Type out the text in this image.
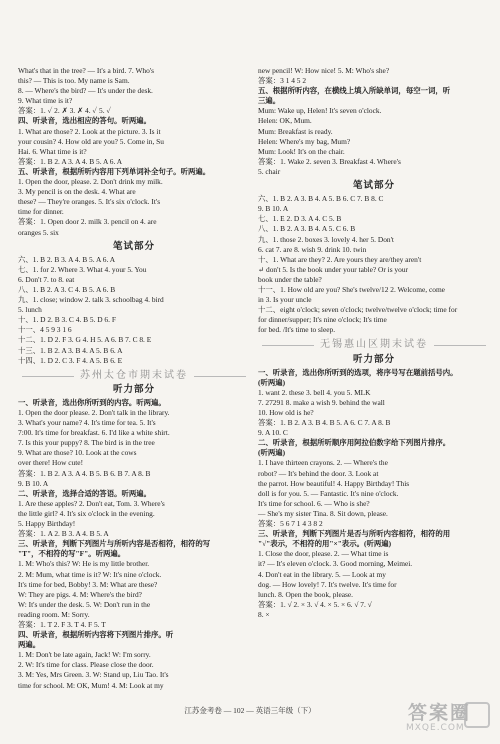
What's that in the tree? — It's a bird. 7. Who's

this? — This is too. My name is Sam.

8. — Where's the bird? — It's under the desk.

9. What time is it?

答案：1. ✓ 2. ✗ 3. ✗ 4. ✓ 5. ✓

四、听录音，选出相应的答句。听两遍。

1. What are those? 2. Look at the picture. 3. Is it

your cousin? 4. How old are you? 5. Come in, Su

Hai. 6. What time is it?

答案：1. B 2. A 3. A 4. B 5. A 6. A

五、听录音，根据所听内容用下列单词补全句子。听两遍。

1. Open the door, please. 2. Don't drink my milk.

3. My pencil is on the desk. 4. What are

these? — They're oranges. 5. It's six o'clock. It's

time for dinner.

答案：1. Open door 2. milk 3. pencil on 4. are

oranges 5. six

笔试部分

六、1. B 2. B 3. A 4. B 5. A 6. A

七、1. for 2. Where 3. What 4. your 5. You

6. Don't 7. to 8. eat

八、1. B 2. A 3. C 4. B 5. A 6. B

九、1. close; window 2. talk 3. schoolbag 4. bird

5. lunch

十、1. D 2. B 3. C 4. B 5. D 6. F

十一、4 5 9 3 1 6

十二、1. D 2. F 3. G 4. H 5. A 6. B 7. C 8. E

十三、1. B 2. A 3. B 4. A 5. B 6. A

十四、1. D 2. C 3. F 4. A 5. B 6. E

苏州太仓市期末试卷
听力部分

一、听录音，选出你所听到的内容。听两遍。

1. Open the door please. 2. Don't talk in the library.

3. What's your name? 4. It's time for tea. 5. It's

7:00. It's time for breakfast. 6. I'd like a white shirt.

7. Is this your puppy? 8. The bird is in the tree

9. What are those? 10. Look at the cows

over there! How cute!

答案：1. B 2. A 3. A 4. B 5. B 6. B 7. A 8. B

9. B 10. A

二、听录音，选择合适的答语。听两遍。

1. Are these apples? 2. Don't eat, Tom. 3. Where's

the little girl? 4. It's six o'clock in the evening.

5. Happy Birthday!

答案：1. A 2. B 3. A 4. B 5. A

三、听录音，判断下列图片与所听内容是否相符，相符的写

"T"，不相符的写"F"。听两遍。

1. M: Who's this? W: He is my little brother.

2. M: Mum, what time is it? W: It's nine o'clock.

It's time for bed, Bobby! 3. M: What are these?

W: They are pigs. 4. M: Where's the bird?

W: It's under the desk. 5. W: Don't run in the

reading room. M: Sorry.

答案：1. T 2. F 3. T 4. F 5. T

四、听录音，根据所听内容将下列图片排序。听

两遍。

1. M: Don't be late again, Jack! W: I'm sorry.

2. W: It's time for class. Please close the door.

3. M: Yes, Mrs Green. 3. W: Stand up, Liu Tao. It's

time for school. M: OK, Mum! 4. M: Look at my

new pencil! W: How nice! 5. M: Who's she?

答案：3 1 4 5 2

五、根据所听内容，在横线上填入所缺单词，每空一词，听

三遍。

Mum: Wake up, Helen! It's seven o'clock.

Helen: OK, Mum.

Mum: Breakfast is ready.

Helen: Where's my bag, Mum?

Mum: Look! It's on the chair.

答案：1. Wake 2. seven 3. Breakfast 4. Where's

5. chair

笔试部分

六、1. B 2. A 3. B 4. A 5. B 6. C 7. B 8. C

9. B 10. A

七、1. E 2. D 3. A 4. C 5. B

八、1. B 2. A 3. B 4. A 5. C 6. B

九、1. those 2. boxes 3. lovely 4. her 5. Don't

6. cat 7. are 8. wish 9. drink 10. twin

十、1. What are they? 2. Are yours they are/they aren't

↵ don't 5. Is the book under your table? Or is your

book under the table?

十一、1. How old are you? She's twelve/12 2. Welcome, come

in 3. Is your uncle

十二、eight o'clock; seven o'clock; twelve/twelve o'clock; time for

for dinner/supper; It's nine o'clock; It's time

for bed. /It's time to sleep.

无锡惠山区期末试卷
听力部分

一、听录音，选出你所听到的选项，将序号写在题前括号内。

(听两遍)

1. want 2. these 3. bell 4. you 5. MLK

7. 27291 8. make a wish 9. behind the wall

10. How old is he?

答案：1. B 2. A 3. B 4. B 5. A 6. C 7. A 8. B

9. A 10. C

二、听录音，根据所听顺序用阿拉伯数字给下列图片排序。

(听两遍)

1. I have thirteen crayons. 2. — Where's the

robot? — It's behind the door. 3. Look at

the parrot. How beautiful! 4. Happy Birthday! This

doll is for you. 5. — Fantastic. It's nine o'clock.

It's time for school. 6. — Who is she?

— She's my sister Tina. 8. Sit down, please.

答案：5 6 7 1 4 3 8 2

三、听录音，判断下列图片是否与所听内容相符，相符的用

"√"表示，不相符的用"×"表示。(听两遍)

1. Close the door, please. 2. — What time is

it? — It's eleven o'clock. 3. Good morning, Meimei.

4. Don't eat in the library. 5. — Look at my

dog. — How lovely! 7. It's twelve. It's time for

lunch. 8. Open the book, please.

答案：1. √ 2. × 3. √ 4. × 5. × 6. √ 7. √

8. ×

江苏金考卷 — 102 — 英语三年级（下）	答案圈
MXQE.COM
